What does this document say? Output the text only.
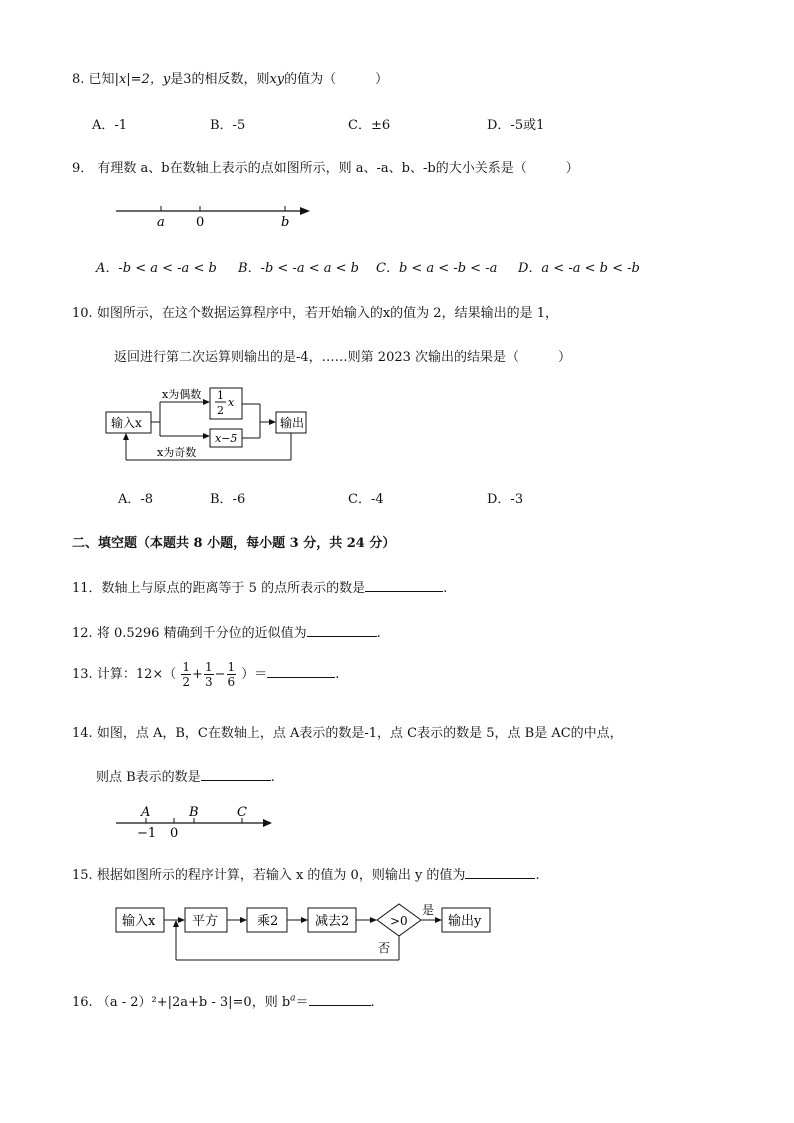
8. 已知|x|=2，y是3的相反数，则xy的值为（　　　）
A．-1	B．-5	C．±6	D．-5或1
9． 有理数 a、b在数轴上表示的点如图所示，则 a、-a、b、-b的大小关系是（　　　）
a 0	b
A．-b < a < -a < b B．-b < -a < a < b C．b < a < -b < -a D．a < -a < b < -b
10. 如图所示，在这个数据运算程序中，若开始输入的x的值为 2，结果输出的是 1，
返回进行第二次运算则输出的是-4，……则第 2023 次输出的结果是（　　　）
输入x
x为偶数 1
2
x
x−5
输出
x为奇数
A．-8	B．-6	C．-4	D．-3
二、填空题（本题共 8 小题，每小题 3 分，共 24 分）
11．数轴上与原点的距离等于 5 的点所表示的数是	.
12. 将 0.5296 精确到千分位的近似值为	.
13. 计算：$12\times( \frac{1}{2} + \frac{1}{3} - \frac{1}{6}$ ）＝	.
14. 如图，点 A，B，C在数轴上，点 A表示的数是-1，点 C表示的数是 5，点 B是 AC的中点，
则点 B表示的数是	.
A	B	C
−1 0
15. 根据如图所示的程序计算，若输入 x 的值为 0，则输出 y 的值为	.
输入x	平方	乘2	减去2	>0
是
输出y
否
16. （a - 2）²+|2a+b - 3|=0，则 $b^a=$	.
